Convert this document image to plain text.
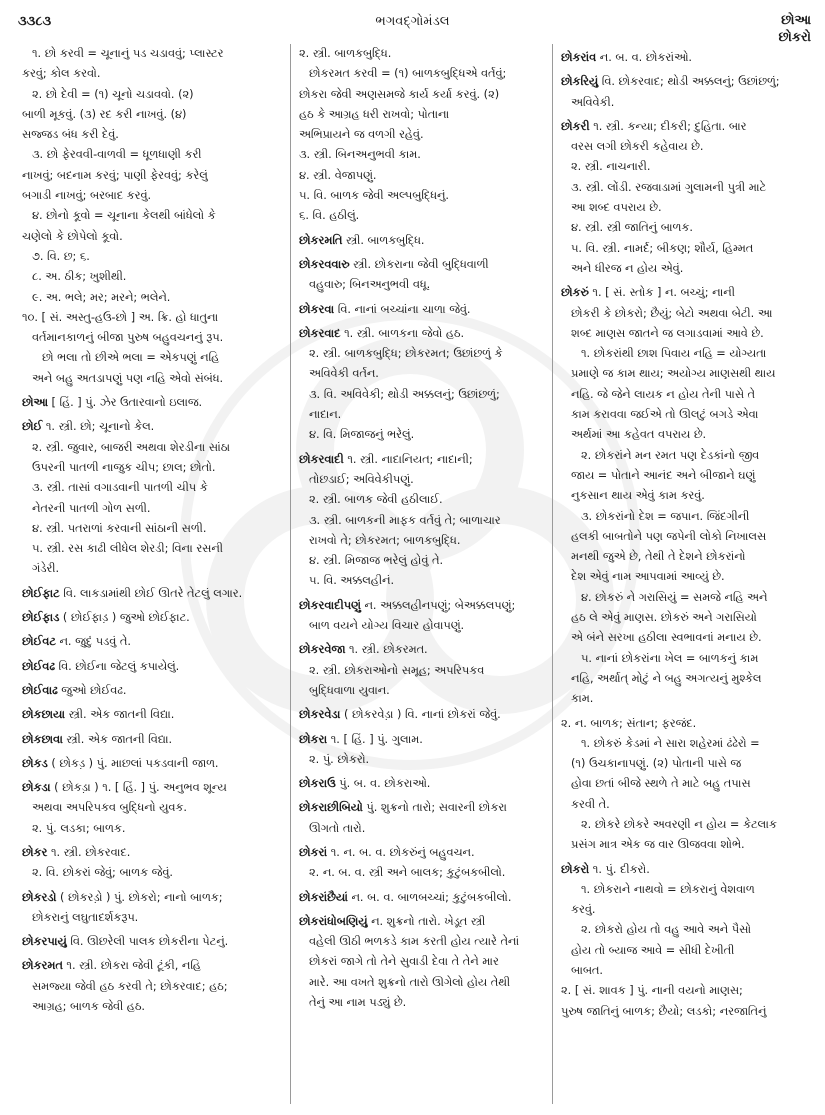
૩૩૮૩	ભગવદ્ગોમંડલ	છોઆ
છોકરો
૧. છો કરવી = ચૂનાનું પડ ચડાવવું; પ્લાસ્ટર
કરવું; કોલ કરવો.
૨. છો દેવી = (૧) ચૂનો ચડાવવો. (૨)
બાળી મૂકવું. (૩) રદ કરી નાખવું. (૪)
સજ્જડ બંધ કરી દેવું.
૩. છો ફેરવવી-વાળવી = ધૂળધાણી કરી
નાખવું; બદનામ કરવું; પાણી ફેરવવું; કરેલું
બગાડી નાખવું; બરબાદ કરવું.
૪. છોનો કૂવો = ચૂનાના કેલથી બાંધેલો કે
ચણેલો કે છોપેલો કૂવો.
૭. વિ. છ; ૬.
૮. અ. ઠીક; ખુશીથી.
૯. અ. ભલે; મર; મરને; ભલેને.
૧૦. [ સં. અસ્તુ-હઉ-છો ] અ. ક્રિ. હો ધાતુના
વર્તમાનકાળનું બીજા પુરુષ બહુવચનનું રૂપ.
છો ભલા તો છીએ ભલા = એકપણું નહિ
અને બહુ અતડાપણું પણ નહિ એવો સંબંધ.
છોઆ [ હિં. ] પું. ઝેર ઉતારવાનો ઇલાજ.
છોઈ ૧. સ્ત્રી. છો; ચૂનાનો કેલ.
૨. સ્ત્રી. જુવાર, બાજરી અથવા શેરડીના સાંઠા
ઉપરની પાતળી નાજુક ચીપ; છાલ; છોતો.
૩. સ્ત્રી. તાસાં વગાડવાની પાતળી ચીપ કે
નેતરની પાતળી ગોળ સળી.
૪. સ્ત્રી. પતરાળાં કરવાની સાંઠાની સળી.
૫. સ્ત્રી. રસ કાઢી લીધેલ શેરડી; વિના રસની
ગંડેરી.
છોઈફાટ વિ. લાકડામાંથી છોઈ ઊતરે તેટલું લગાર.
છોઈફાડ ( છોઈફાડ઼ ) જુઓ છોઈફાટ.
છોઈવટ ન. જુદું પડવું તે.
છોઈવઢ વિ. છોઈના જેટલું કપાયેલું.
છોઈવાઢ જુઓ છોઈવઢ.
છોકછાયા સ્ત્રી. એક જાતની વિદ્યા.
છોકછાવા સ્ત્રી. એક જાતની વિદ્યા.
છોકડ ( છોકડ઼ ) પું. માછલાં પકડવાની જાળ.
છોકડા ( છોકડ઼ા ) ૧. [ હિં. ] પું. અનુભવ શૂન્ય
અથવા અપરિપકવ બુદ્ધિનો યુવક.
૨. પું. લડકા; બાળક.
છોકર ૧. સ્ત્રી. છોકરવાદ.
૨. વિ. છોકરાં જેવું; બાળક જેવું.
છોકરડો ( છોકરડ઼ો ) પું. છોકરો; નાનો બાળક;
છોકરાનું લઘુતાદર્શકરૂપ.
છોકરપાયું વિ. ઊછરેલી પાલક છોકરીના પેટનું.
છોકરમત ૧. સ્ત્રી. છોકરા જેવી ટૂંકી, નહિ
સમજ્યા જેવી હઠ કરવી તે; છોકરવાદ; હઠ;
આગ્રહ; બાળક જેવી હઠ.
૨. સ્ત્રી. બાળકબુદ્ધિ.
છોકરમત કરવી = (૧) બાળકબુદ્ધિએ વર્તવું;
છોકરા જેવી અણસમજે કાર્ય કર્યા કરવું. (૨)
હઠ કે આગ્રહ ધરી રાખવો; પોતાના
અભિપ્રાયને જ વળગી રહેવું.
૩. સ્ત્રી. બિનઅનુભવી કામ.
૪. સ્ત્રી. વેજાપણું.
૫. વિ. બાળક જેવી અલ્પબુદ્ધિનું.
૬. વિ. હઠીલું.
છોકરમતિ સ્ત્રી. બાળકબુદ્ધિ.
છોકરવવારુ સ્ત્રી. છોકરાના જેવી બુદ્ધિવાળી
વહુવારુ; બિનઅનુભવી વધૂ.
છોકરવા વિ. નાનાં બચ્ચાંના ચાળા જેવું.
છોકરવાદ ૧. સ્ત્રી. બાળકના જેવો હઠ.
૨. સ્ત્રી. બાળકબુદ્ધિ; છોકરમત; ઉછાંછળું કે
અવિવેકી વર્તન.
૩. વિ. અવિવેકી; થોડી અક્કલનું; ઉછાંછળું;
નાદાન.
૪. વિ. મિજાજનું ભરેલું.
છોકરવાદી ૧. સ્ત્રી. નાદાનિયત; નાદાની;
તોછડાઈ; અવિવેકીપણું.
૨. સ્ત્રી. બાળક જેવી હઠીલાઈ.
૩. સ્ત્રી. બાળકની માફક વર્તવું તે; બાળાચાર
રાખવો તે; છોકરમત; બાળકબુદ્ધિ.
૪. સ્ત્રી. મિજાજ ભરેલું હોવું તે.
૫. વિ. અક્કલહીનં.
છોકરવાદીપણું ન. અક્કલહીનપણું; બેઅક્કલપણું;
બાળ વયને યોગ્ય વિચાર હોવાપણું.
છોકરવેજા ૧. સ્ત્રી. છોકરમત.
૨. સ્ત્રી. છોકરાઓનો સમૂહ; અપરિપકવ
બુદ્ધિવાળા યુવાન.
છોકરવેડા ( છોકરવેડ઼ા ) વિ. નાનાં છોકરાં જેવું.
છોકરા ૧. [ હિં. ] પું. ગુલામ.
૨. પું. છોકરો.
છોકરાઉ પું. બ. વ. છોકરાઓ.
છોકરાછીબિયો પું. શુક્રનો તારો; સવારની છોકરા
ઊગતો તારો.
છોકરાં ૧. ન. બ. વ. છોકરુંનું બહુવચન.
૨. ન. બ. વ. સ્ત્રી અને બાલક; કુટુંબકબીલો.
છોકરાંછૈયાં ન. બ. વ. બાળબચ્ચાં; કુટુંબકબીલો.
છોકરાંધોબણિયું ન. શુક્રનો તારો. ખેડૂત સ્ત્રી
વહેલી ઊઠી ભળકડે કામ કરતી હોય ત્યારે તેનાં
છોકરાં જાગે તો તેને સુવાડી દેવા તે તેને માર
મારે. આ વખતે શુક્રનો તારો ઊગેલો હોય તેથી
તેનું આ નામ પડ્યું છે.
છોકરાંવ ન. બ. વ. છોકરાંઓ.
છોકરિયું વિ. છોકરવાદ; થોડી અક્કલનું; ઉછાંછળું;
અવિવેકી.
છોકરી ૧. સ્ત્રી. કન્યા; દીકરી; દુહિતા. બાર
વરસ લગી છોકરી કહેવાય છે.
૨. સ્ત્રી. નાચનારી.
૩. સ્ત્રી. લોંડી. રજવાડામાં ગુલામની પુત્રી માટે
આ શબ્દ વપરાય છે.
૪. સ્ત્રી. સ્ત્રી જાતિનું બાળક.
૫. વિ. સ્ત્રી. નામર્દ; બીકણ; શૌર્ય, હિમ્મત
અને ધીરજ ન હોય એવું.
છોકરું ૧. [ સં. સ્તોક ] ન. બચ્ચું; નાની
છોકરી કે છોકરો; છૈયું; બેટો અથવા બેટી. આ
શબ્દ માણસ જાતને જ લગાડવામાં આવે છે.
૧. છોકરાંથી છાશ પિવાય નહિ = યોગ્યતા
પ્રમાણે જ કામ થાય; અયોગ્ય માણસથી થાય
નહિ. જે જેને લાયક ન હોય તેની પાસે તે
કામ કરાવવા જઈએ તો ઊલટું બગડે એવા
અર્થમાં આ કહેવત વપરાય છે.
૨. છોકરાંને મન રમત પણ દેડકાંનો જીવ
જાય = પોતાને આનંદ અને બીજાને ઘણું
નુકસાન થાય એવું કામ કરવું.
૩. છોકરાંનો દેશ = જપાન. જિંદગીની
હલકી બાબતોને પણ જપેની લોકો નિખાલસ
મનથી જુએ છે, તેથી તે દેશને છોકરાંનો
દેશ એવું નામ આપવામાં આવ્યું છે.
૪. છોકરું ને ગરાસિયું = સમજે નહિ અને
હઠ લે એવું માણસ. છોકરું અને ગરાસિયો
એ બંને સરખા હઠીલા સ્વભાવનાં મનાય છે.
૫. નાનાં છોકરાંના ખેલ = બાળકનું કામ
નહિ, અર્થાત્ મોટું ને બહુ અગત્યનું મુશ્કેલ
કામ.
૨. ન. બાળક; સંતાન; ફરજંદ.
૧. છોકરું કેડમાં ને સારા શહેરમાં ઢંઢેરો =
(૧) ઉચકાનાપણું. (૨) પોતાની પાસે જ
હોવા છતાં બીજે સ્થળે તે માટે બહુ તપાસ
કરવી તે.
૨. છોકરે છોકરે અવરણી ન હોય = કેટલાક
પ્રસંગ માત્ર એક જ વાર ઊજવવા શોભે.
છોકરો ૧. પું. દીકરો.
૧. છોકરાને નાથવો = છોકરાનું વેશવાળ
કરવું.
૨. છોકરો હોય તો વહુ આવે અને પૈસો
હોય તો બ્યાજ આવે = સીધી દેખીતી
બાબત.
૨. [ સં. શાવક ] પું. નાની વયનો માણસ;
પુરુષ જાતિનું બાળક; છૈયો; લડકો; નરજાતિનું
